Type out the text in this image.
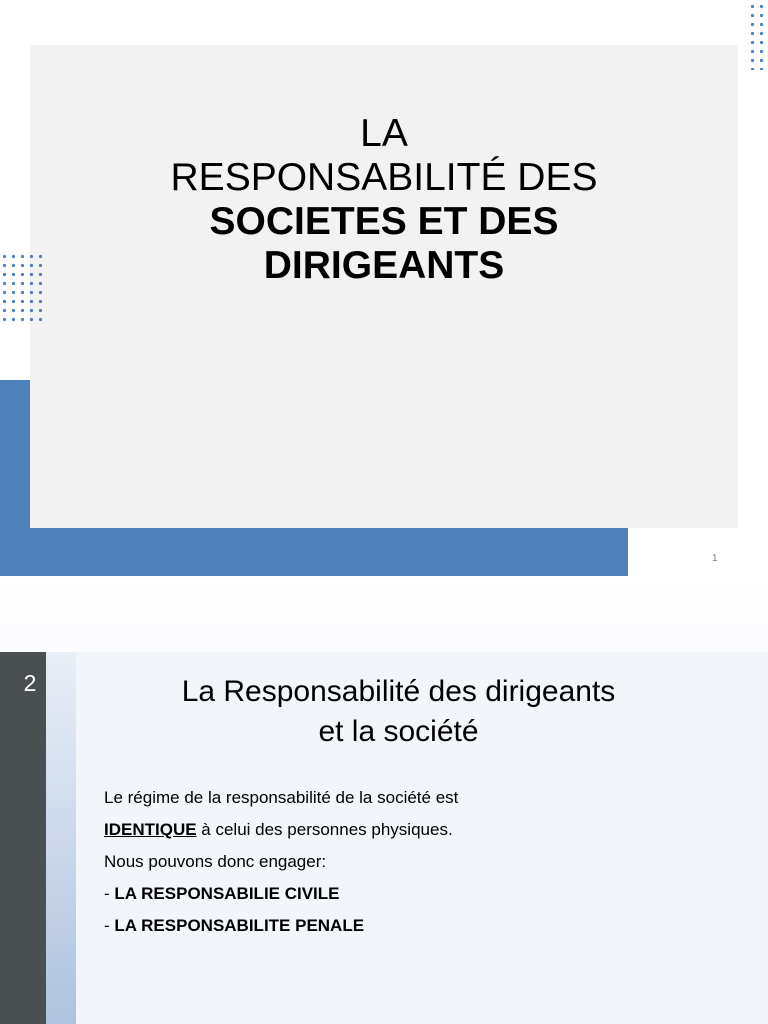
LA
RESPONSABILITÉ DES
SOCIETES ET DES
DIRIGEANTS
1
2	La Responsabilité des dirigeants
et la société
Le régime de la responsabilité de la société est
IDENTIQUE à celui des personnes physiques.
Nous pouvons donc engager:
- LA RESPONSABILIE CIVILE
- LA RESPONSABILITE PENALE
